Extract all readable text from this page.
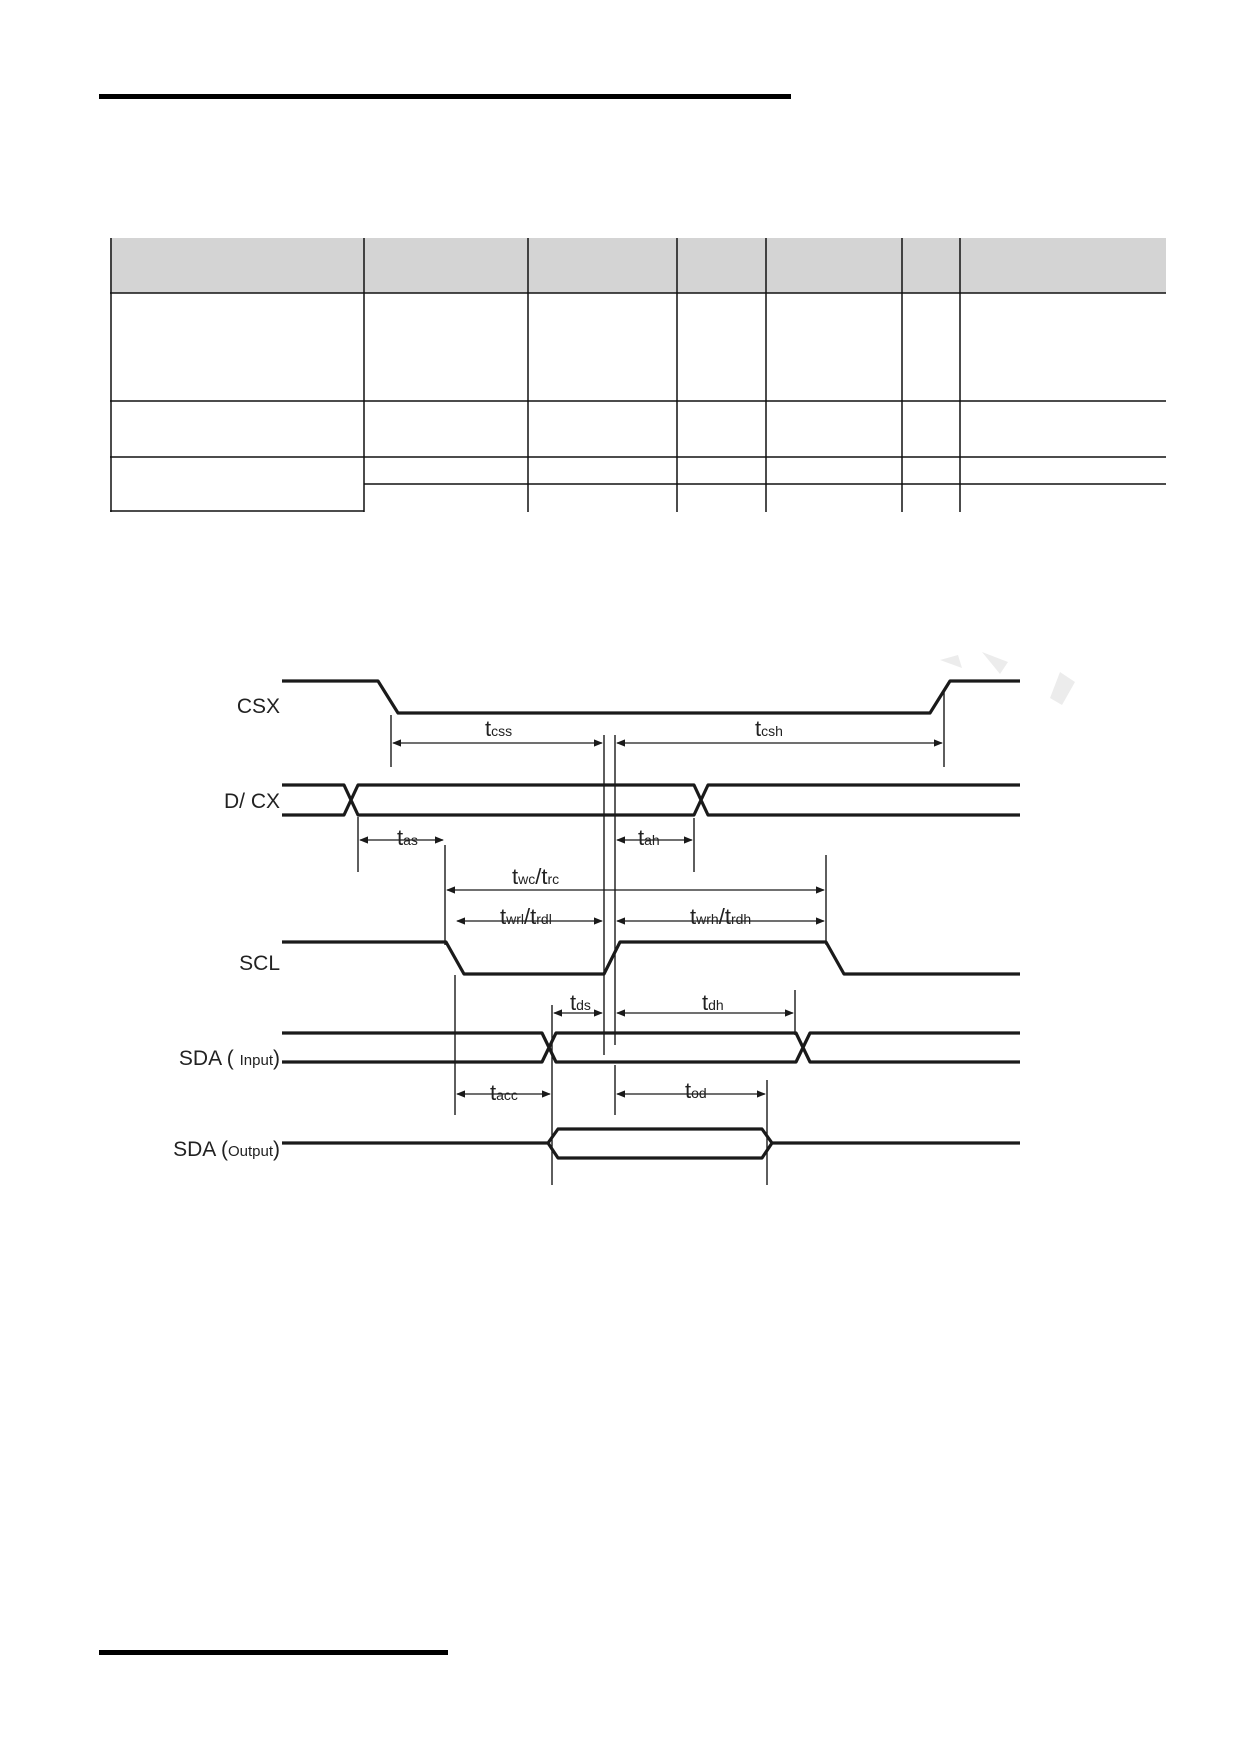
CSX
D/ CX
SCL
SDA ( Input)
SDA (Output)
tcss	tcsh
tas	tah
twc/trc
twrl/trdl	twrh/trdh
tds	tdh
tacc	tod
